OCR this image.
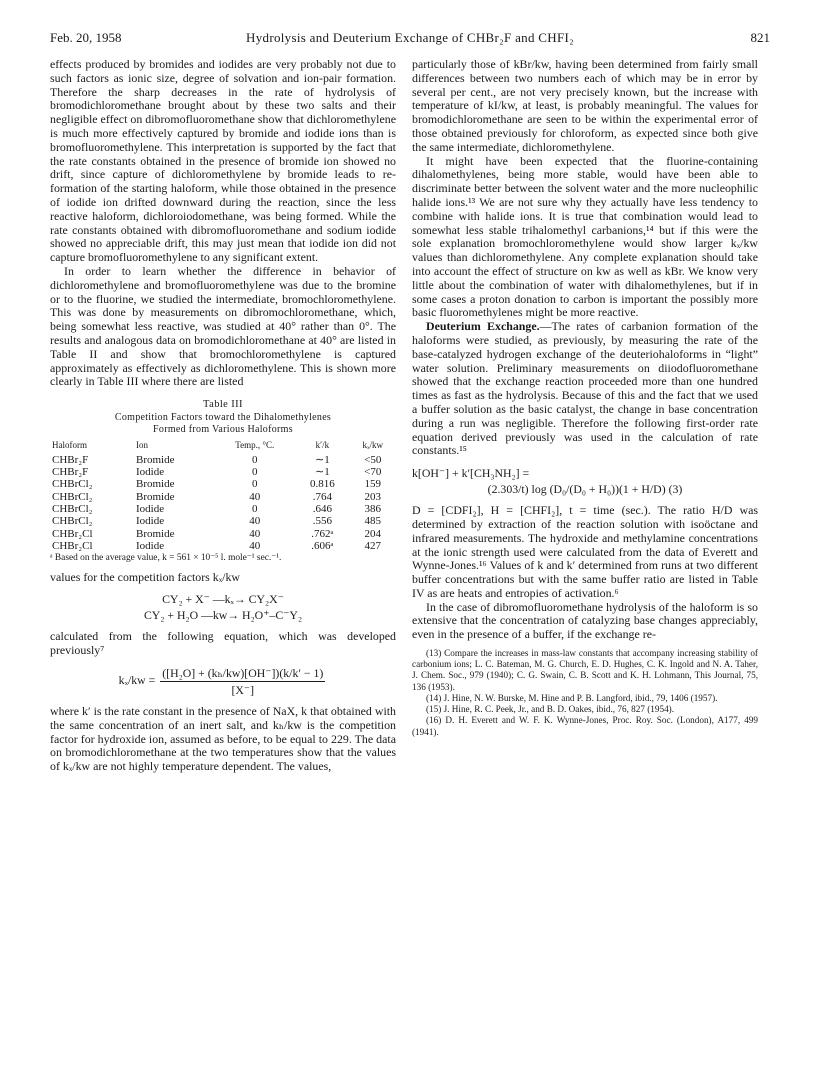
Feb. 20, 1958	Hydrolysis and Deuterium Exchange of CHBr₂F and CHFI₂	821

effects produced by bromides and iodides are very probably not due to such factors as ionic size, degree of solvation and ion-pair formation. Therefore the sharp decreases in the rate of hydrolysis of bromodichloromethane brought about by these two salts and their negligible effect on dibromofluoromethane show that dichloromethylene is much more effectively captured by bromide and iodide ions than is bromofluoromethylene. This interpretation is supported by the fact that the rate constants obtained in the presence of bromide ion showed no drift, since capture of dichloromethylene by bromide leads to re-formation of the starting haloform, while those obtained in the presence of iodide ion drifted downward during the reaction, since the less reactive haloform, dichloroiodomethane, was being formed. While the rate constants obtained with dibromofluoromethane and sodium iodide showed no appreciable drift, this may just mean that iodide ion did not capture bromofluoromethylene to any significant extent.

In order to learn whether the difference in behavior of dichloromethylene and bromofluoromethylene was due to the bromine or to the fluorine, we studied the intermediate, bromochloromethylene. This was done by measurements on dibromochloromethane, which, being somewhat less reactive, was studied at 40° rather than 0°. The results and analogous data on bromodichloromethane at 40° are listed in Table II and show that bromochloromethylene is captured approximately as effectively as dichloromethylene. This is shown more clearly in Table III where there are listed

Table III
Competition Factors toward the Dihalomethylenes
Formed from Various Haloforms
Haloform	Ion	Temp., °C.	k′/k	kₓ/kw
CHBr₂F	Bromide	0	∼1	<50
CHBr₂F	Iodide	0	∼1	<70
CHBrCl₂	Bromide	0	0.816	159
CHBrCl₂	Bromide	40	.764	203
CHBrCl₂	Iodide	0	.646	386
CHBrCl₂	Iodide	40	.556	485
CHBr₂Cl	Bromide	40	.762ᵃ	204
CHBr₂Cl	Iodide	40	.606ᵃ	427
ᵃ Based on the average value, k = 561 × 10⁻⁵ l. mole⁻¹ sec.⁻¹.

values for the competition factors kₓ/kw

CY₂ + X⁻ —kₓ→ CY₂X⁻
CY₂ + H₂O —kw→ H₂O⁺–C⁻Y₂

calculated from the following equation, which was developed previously⁷

$k_x/kw = \frac{\text{([H₂O] + (kₕ/kw)[OH⁻])(k/k′ − 1)}}{[X^-]}$

where k′ is the rate constant in the presence of NaX, k that obtained with the same concentration of an inert salt, and kₕ/kw is the competition factor for hydroxide ion, assumed as before, to be equal to 229. The data on bromodichloromethane at the two temperatures show that the values of kₓ/kw are not highly temperature dependent. The values,

particularly those of kBr/kw, having been determined from fairly small differences between two numbers each of which may be in error by several per cent., are not very precisely known, but the increase with temperature of kI/kw, at least, is probably meaningful. The values for bromodichloromethane are seen to be within the experimental error of those obtained previously for chloroform, as expected since both give the same intermediate, dichloromethylene.

It might have been expected that the fluorine-containing dihalomethylenes, being more stable, would have been able to discriminate better between the solvent water and the more nucleophilic halide ions.¹³ We are not sure why they actually have less tendency to combine with halide ions. It is true that combination would lead to somewhat less stable trihalomethyl carbanions,¹⁴ but if this were the sole explanation bromochloromethylene would show larger kₓ/kw values than dichloromethylene. Any complete explanation should take into account the effect of structure on kw as well as kBr. We know very little about the combination of water with dihalomethylenes, but if in some cases a proton donation to carbon is important the possibly more basic fluoromethylenes might be more reactive.

Deuterium Exchange.—The rates of carbanion formation of the haloforms were studied, as previously, by measuring the rate of the base-catalyzed hydrogen exchange of the deuteriohaloforms in “light” water solution. Preliminary measurements on diiodofluoromethane showed that the exchange reaction proceeded more than one hundred times as fast as the hydrolysis. Because of this and the fact that we used a buffer solution as the basic catalyst, the change in base concentration during a run was negligible. Therefore the following first-order rate equation derived previously was used in the calculation of rate constants.¹⁵

k[OH⁻] + k′[CH₃NH₂] =
(2.303/t) log (D₀/(D₀ + H₀))(1 + H/D) (3)

D = [CDFI₂], H = [CHFI₂], t = time (sec.). The ratio H/D was determined by extraction of the reaction solution with isoöctane and infrared measurements. The hydroxide and methylamine concentrations at the ionic strength used were calculated from the data of Everett and Wynne-Jones.¹⁶ Values of k and k′ determined from runs at two different buffer concentrations but with the same buffer ratio are listed in Table IV as are heats and entropies of activation.⁶

In the case of dibromofluoromethane hydrolysis of the haloform is so extensive that the concentration of catalyzing base changes appreciably, even in the presence of a buffer, if the exchange re-

(13) Compare the increases in mass-law constants that accompany increasing stability of carbonium ions; L. C. Bateman, M. G. Church, E. D. Hughes, C. K. Ingold and N. A. Taher, J. Chem. Soc., 979 (1940); C. G. Swain, C. B. Scott and K. H. Lohmann, This Journal, 75, 136 (1953).

(14) J. Hine, N. W. Burske, M. Hine and P. B. Langford, ibid., 79, 1406 (1957).

(15) J. Hine, R. C. Peek, Jr., and B. D. Oakes, ibid., 76, 827 (1954).

(16) D. H. Everett and W. F. K. Wynne-Jones, Proc. Roy. Soc. (London), A177, 499 (1941).
